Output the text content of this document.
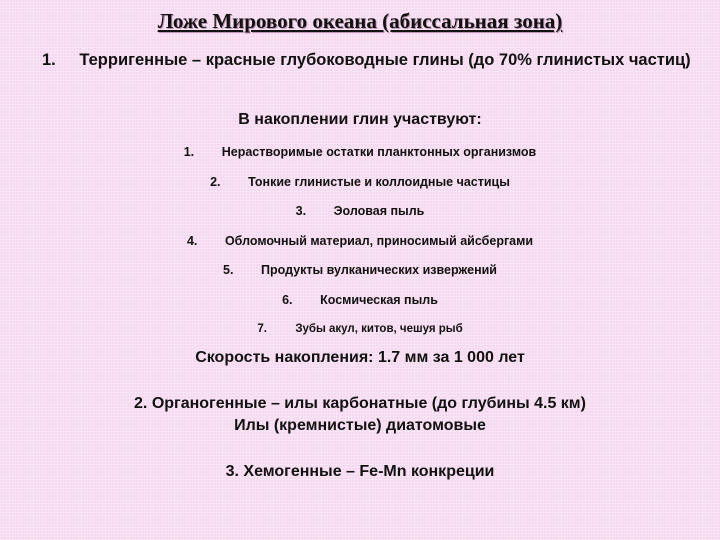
Ложе Мирового океана (абиссальная зона)
1. Терригенные – красные глубоководные глины (до 70% глинистых частиц)
В накоплении глин участвуют:
1.	Нерастворимые остатки планктонных организмов
2.	Тонкие глинистые и коллоидные частицы
3.	Эоловая пыль
4.	Обломочный материал, приносимый айсбергами
5.	Продукты вулканических извержений
6.	Космическая пыль
7.	Зубы акул, китов, чешуя рыб
Скорость накопления: 1.7 мм за 1 000 лет
2. Органогенные – илы карбонатные (до глубины 4.5 км)
Илы (кремнистые) диатомовые
3. Хемогенные – Fe-Mn конкреции
